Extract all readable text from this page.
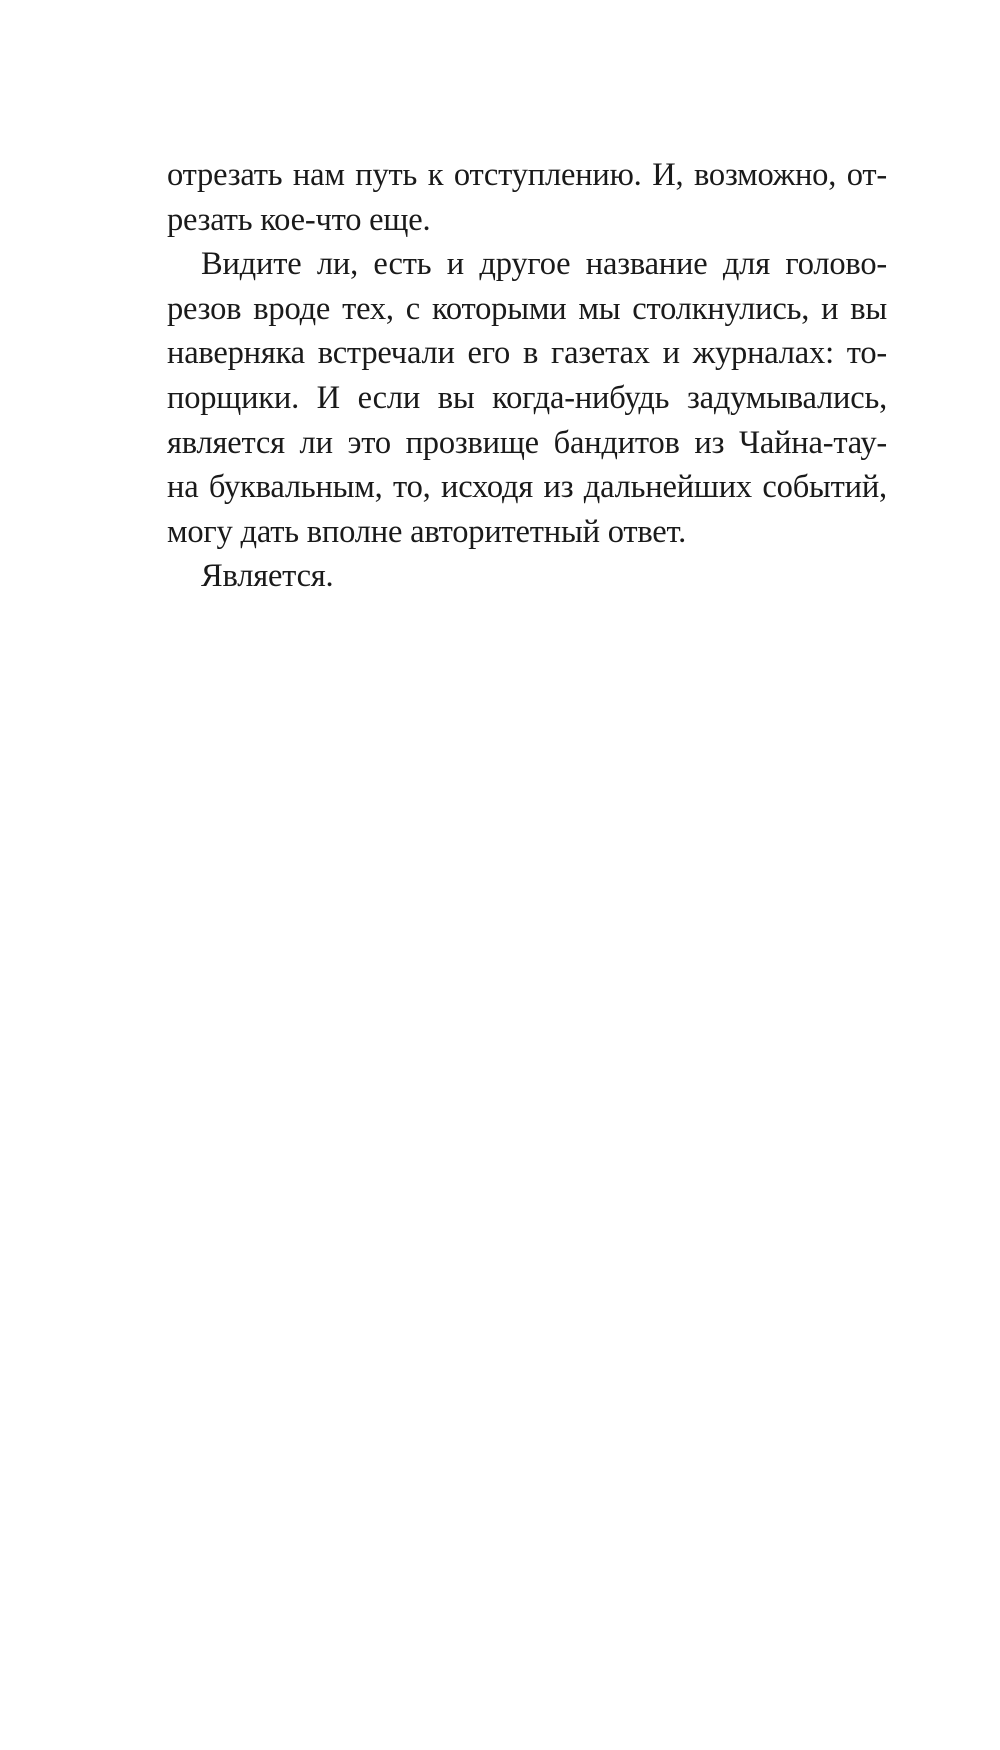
отрезать нам путь к отступлению. И, возможно, от-
резать кое-что еще.
Видите ли, есть и другое название для голово-
резов вроде тех, с которыми мы столкнулись, и вы
наверняка встречали его в газетах и журналах: то-
порщики. И если вы когда-нибудь задумывались,
является ли это прозвище бандитов из Чайна-тау-
на буквальным, то, исходя из дальнейших событий,
могу дать вполне авторитетный ответ.
Является.
